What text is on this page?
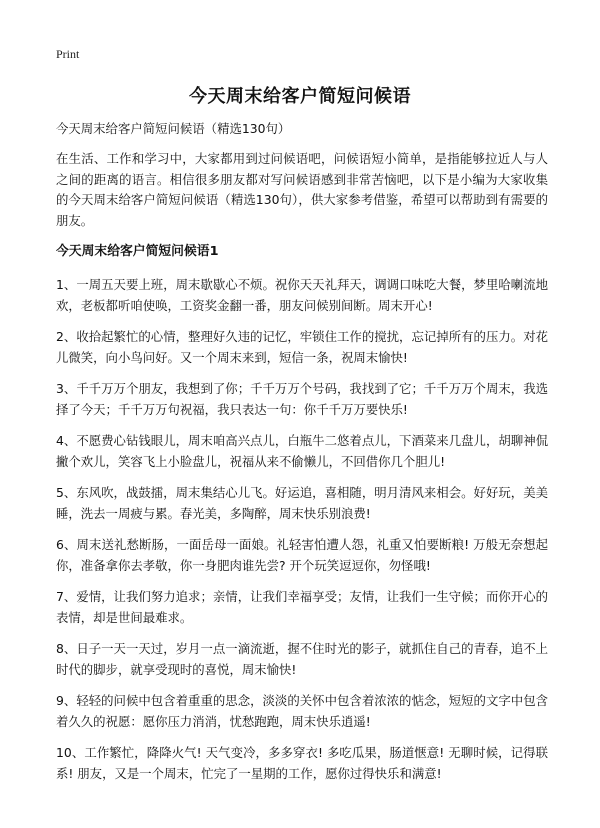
Print
今天周末给客户简短问候语
今天周末给客户简短问候语（精选130句）

在生活、工作和学习中，大家都用到过问候语吧，问候语短小简单，是指能够拉近人与人之间的距离的语言。相信很多朋友都对写问候语感到非常苦恼吧，以下是小编为大家收集的今天周末给客户简短问候语（精选130句），供大家参考借鉴，希望可以帮助到有需要的朋友。

今天周末给客户简短问候语1
1、一周五天要上班，周末歇歇心不烦。祝你天天礼拜天，调调口味吃大餐，梦里哈喇流地欢，老板都听咱使唤，工资奖金翻一番，朋友问候别间断。周末开心!
2、收拾起繁忙的心情，整理好久违的记忆，牢锁住工作的搅扰，忘记掉所有的压力。对花儿微笑，向小鸟问好。又一个周末来到，短信一条，祝周末愉快!
3、千千万万个朋友，我想到了你；千千万万个号码，我找到了它；千千万万个周末，我选择了今天；千千万万句祝福，我只表达一句：你千千万万要快乐!
4、不愿费心钻钱眼儿，周末咱高兴点儿，白瓶牛二悠着点儿，下酒菜来几盘儿，胡聊神侃撇个欢儿，笑容飞上小脸盘儿，祝福从来不偷懒儿，不回借你几个胆儿!
5、东风吹，战鼓擂，周末集结心儿飞。好运追，喜相随，明月清风来相会。好好玩，美美睡，洗去一周疲与累。春光美，多陶醉，周末快乐别浪费!
6、周末送礼愁断肠，一面岳母一面娘。礼轻害怕遭人怨，礼重又怕要断粮! 万般无奈想起你，准备拿你去孝敬，你一身肥肉谁先尝? 开个玩笑逗逗你，勿怪哦!
7、爱情，让我们努力追求；亲情，让我们幸福享受；友情，让我们一生守候；而你开心的表情，却是世间最难求。
8、日子一天一天过，岁月一点一滴流逝，握不住时光的影子，就抓住自己的青春，追不上时代的脚步，就享受现时的喜悦，周末愉快!
9、轻轻的问候中包含着重重的思念，淡淡的关怀中包含着浓浓的惦念，短短的文字中包含着久久的祝愿：愿你压力消消，忧愁跑跑，周末快乐逍遥!
10、工作繁忙，降降火气! 天气变冷，多多穿衣! 多吃瓜果，肠道惬意! 无聊时候，记得联系! 朋友，又是一个周末，忙完了一星期的工作，愿你过得快乐和满意!
